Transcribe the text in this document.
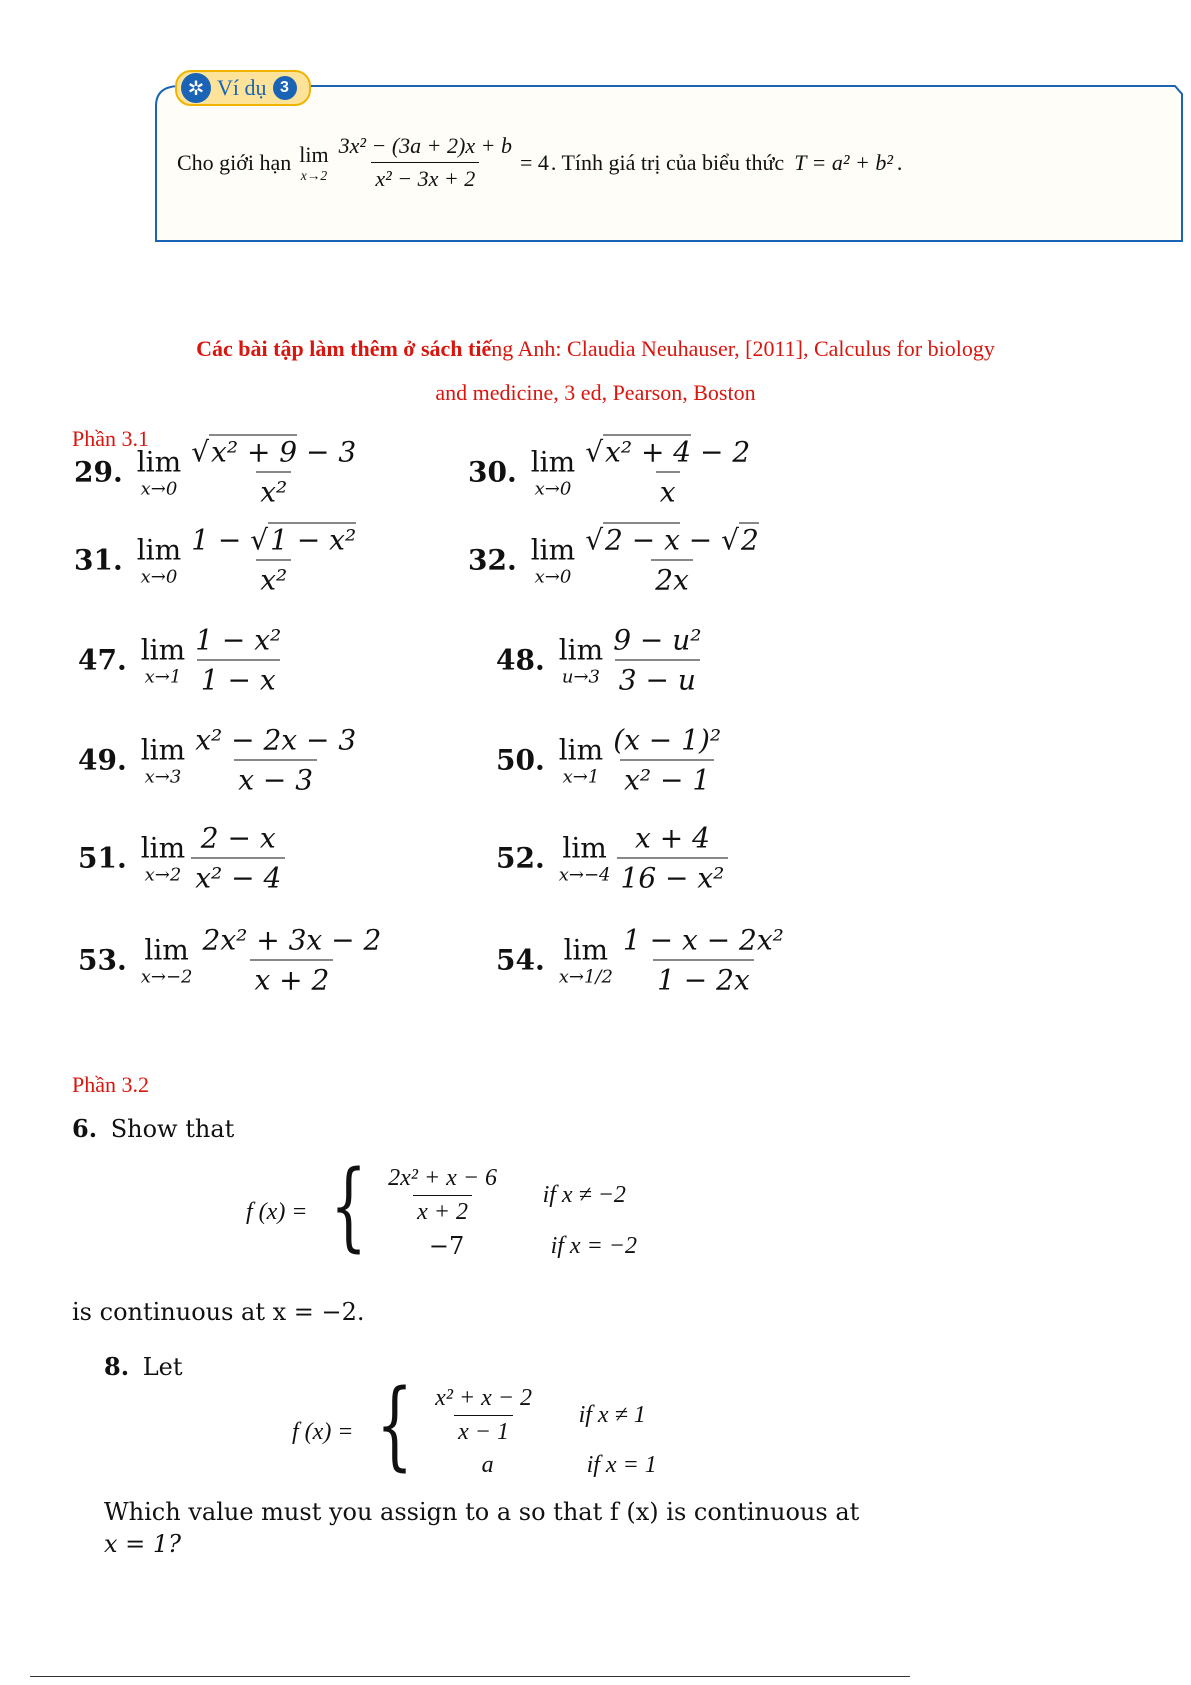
✲ Ví dụ 3
Cho giới hạn lim
$x\to 2 \frac{\text{3x² − (3a + 2)x + b}}{\text{x² − 3x + 2}} = 4$ . Tính giá trị của biểu thức T = a² + b² .
Các bài tập làm thêm ở sách tiếng Anh: Claudia Neuhauser, [2011], Calculus for biology
and medicine, 3 ed, Pearson, Boston
Phần 3.1
29. lim
$x\to 0 \frac{\text{√x² + 9 − 3}}{\text{x²}}$	30. lim
$x\to 0 \frac{\text{√x² + 4 − 2}}{x}$
31. lim
$x\to 0 \frac{\text{1 − √1 − x²}}{\text{x²}}$	32. lim
$x\to 0 \frac{√2 - x - √2}{2x}$
47. lim
$x\to 1 \frac{\text{1 − x²}}{1 - x}$	48. lim
$u\to 3 \frac{\text{9 − u²}}{3 - u}$
49. lim
$x\to 3 \frac{\text{x² − 2x − 3}}{x - 3}$	50. lim
$x\to 1 \frac{\text{(x − 1)²}}{\text{x² − 1}}$
51. lim
$x\to 2 \frac{2 - x}{\text{x² − 4}}$	52. lim
$x\to-4 \frac{x + 4}{\text{16 − x²}}$
53. lim
$x\to-2 \frac{\text{2x² + 3x − 2}}{x + 2}$	54. lim
$x\to 1/2 \frac{\text{1 − x − 2x²}}{1 - 2x}$
Phần 3.2
6. Show that
f (x) = { $\frac{\text{2x² + x − 6}}{x + 2}$ if x ≠ −2
−7	if x = −2
is continuous at x = −2.
8. Let
f (x) = { $\frac{\text{x² + x − 2}}{x - 1}$ if x ≠ 1
a	if x = 1
Which value must you assign to a so that f (x) is continuous at
x = 1?
